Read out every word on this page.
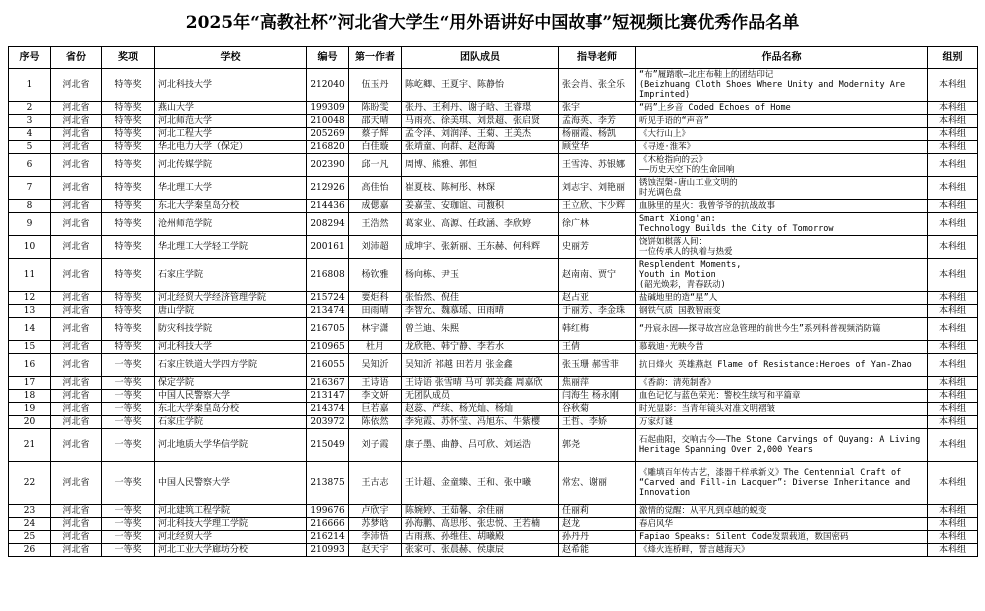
2025年“高教社杯”河北省大学生“用外语讲好中国故事”短视频比赛优秀作品名单
序号	省份	奖项	学校	编号	第一作者	团队成员	指导老师	作品名称	组别
1	河北省	特等奖	河北科技大学	212040	伍玉丹	陈屹卿、王夏宇、陈静怡	张会肖、张全乐	“布”履踏歌—北庄布鞋上的团结印记
(Beizhuang Cloth Shoes Where Unity and Modernity Are Imprinted)	本科组
2	河北省	特等奖	燕山大学	199309	陈盼雯	张丹、王利丹、谢子晗、王睿璟	张宇	“码”上乡音 Coded Echoes of Home	本科组
3	河北省	特等奖	河北师范大学	210048	邵天晴	马雨亮、徐美琪、刘景超、张启贤	孟海英、李芳	听见手语的“声音”	本科组
4	河北省	特等奖	河北工程大学	205269	蔡子辉	孟令泽、刘润泽、王菊、王美杰	杨丽霞、杨凯	《大行山上》	本科组
5	河北省	特等奖	华北电力大学（保定）	216820	白佳璇	张靖童、向群、赵海蔼	顾堂华	《寻迹·淮苯》	本科组
6	河北省	特等奖	河北传媒学院	202390	邱一凡	周博、熊雅、郭恒	王雪涛、苏银娜	《木枪指向的云》
——历史天空下的生命回响	本科组
7	河北省	特等奖	华北理工大学	212926	高佳怡	崔夏枝、陈柯彤、林琛	刘志宇、刘艳丽	锈蚀涅槃-唐山工业文明的
时光调色盘	本科组
8	河北省	特等奖	东北大学秦皇岛分校	214436	成偲嘉	姜嘉莹、安珈谊、司馥积	王立欣、卞少辉	血脉里的星火：我曾爷爷的抗战故事	本科组
9	河北省	特等奖	沧州师范学院	208294	王浩然	葛家业、高源、任政涵、李欣婷	徐广林	Smart Xiong'an:
Technology Builds the City of Tomorrow	本科组
10	河北省	特等奖	华北理工大学轻工学院	200161	刘沛超	成坤宇、张新丽、王东赫、何科辉	史丽芳	饶饼如棋落人间：
一位传承人的执着与热爱	本科组
11	河北省	特等奖	石家庄学院	216808	杨钦雅	杨向栋、尹玉	赵南南、贾宁	Resplendent Moments,
Youth in Motion
(韶光焕彩，青春跃动)	本科组
12	河北省	特等奖	河北经贸大学经济管理学院	215724	要炬科	张怡然、倪佳	赵占亚	盐碱地里的造“星”人	本科组
13	河北省	特等奖	唐山学院	213474	田雨晴	李智允、魏慕瑶、田雨晴	于丽芳、李金珠	钢铁气质 国教智雨变	本科组
14	河北省	特等奖	防灾科技学院	216705	林宇潇	曾兰迪、朱熙	韩红梅	“丹宸永固——探寻故宫应急管理的前世今生”系列科普视频消防篇	本科组
15	河北省	特等奖	河北科技大学	210965	杜月	龙欣艳、韩宁静、李若水	王倩	慕载迪·光映今昔	本科组
16	河北省	一等奖	石家庄铁道大学四方学院	216055	吴知沂	吴知沂 祁越 田若月 张金鑫	张玉珊 郝雪菲	抗日烽火 英雄燕赵 Flame of Resistance:Heroes of Yan-Zhao	本科组
17	河北省	一等奖	保定学院	216367	王诗语	王诗语 张雪晴 马可 郭美鑫 周嘉欣	焦丽萍	《香韵：清苑制香》	本科组
18	河北省	一等奖	中国人民警察大学	213147	李文妍	无团队成员	闫海生 杨永刚	血色记忆与蓝色荣光：警校生续写和平篇章	本科组
19	河北省	一等奖	东北大学秦皇岛分校	214374	巨若嘉	赵蕊、严续、杨光灿、杨灿	谷秋菊	时光显影：当青年镜头对准文明褶皱	本科组
20	河北省	一等奖	石家庄学院	203972	陈依然	李宛霞、苏怀莹、冯旭东、牛紫樱	王哲、李娇	万家灯谜	本科组
21	河北省	一等奖	河北地质大学华信学院	215049	刘子霞	康子墨、曲静、吕可欣、刘运浩	郭尧	石起曲阳，交响古今——The Stone Carvings of Quyang: A Living Heritage Spanning Over 2,000 Years	本科组
22	河北省	一等奖	中国人民警察大学	213875	王古志	王计超、金童臻、王和、张中曦	常宏、谢丽	《雕填百年传古艺，漆器千样承新义》The Centennial Craft of “Carved and Fill-in Lacquer”: Diverse Inheritance and Innovation	本科组
23	河北省	一等奖	河北建筑工程学院	199676	卢欣宇	陈婉婷、王茹馨、余佳丽	任丽莉	激情的觉醒：从平凡到卓越的蜕变	本科组
24	河北省	一等奖	河北科技大学理工学院	216666	苏梦晗	孙海鹏、高思彤、张忠悦、王若楠	赵龙	春启风华	本科组
25	河北省	一等奖	河北经贸大学	216214	李沛悟	古雨燕、孙维佳、胡曦殿	孙丹丹	Fapiao Speaks: Silent Code发票载道，数国密码	本科组
26	河北省	一等奖	河北工业大学廊坊分校	210993	赵天宇	张家可、张晨赫、侯康辰	赵希能	《烽火连桥畔，誓言越海天》	本科组
